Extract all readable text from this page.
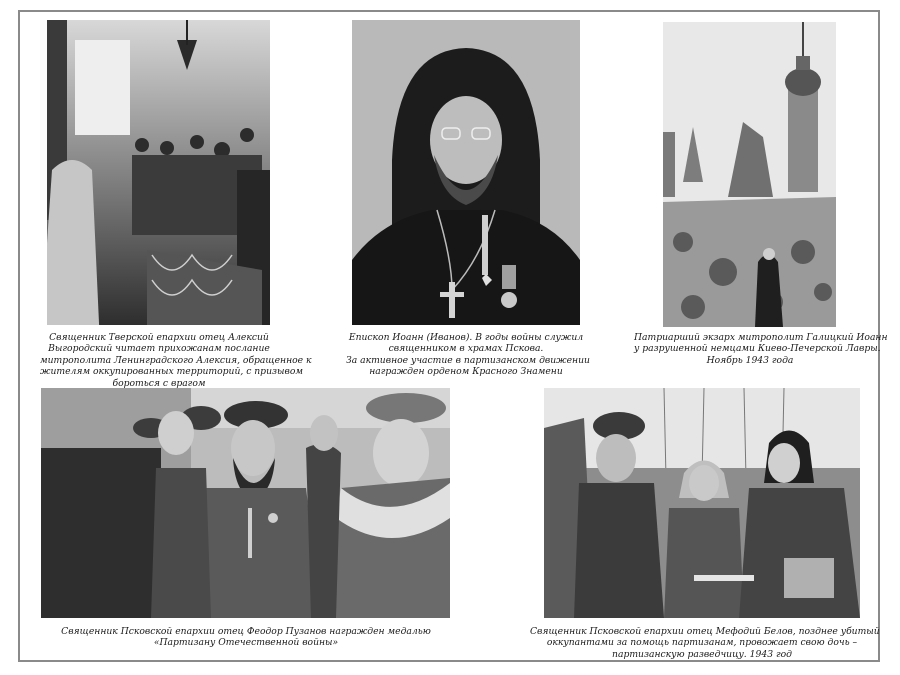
Священник Тверской епархии отец Алексий
Выгородский читает прихожанам послание
митрополита Ленинградского Алексия, обращенное к
жителям оккупированных территорий, с призывом
бороться с врагом
Епископ Иоанн (Иванов). В годы войны служил
священником в храмах Пскова.
За активное участие в партизанском движении
награжден орденом Красного Знамени
Патриарший экзарх митрополит Галицкий Иоанн
у разрушенной немцами Киево-Печерской Лавры.
Ноябрь 1943 года
Священник Псковской епархии отец Феодор Пузанов награжден медалью
«Партизану Отечественной войны»
Священник Псковской епархии отец Мефодий Белов, позднее убитый
оккупантами за помощь партизанам, провожает свою дочь –
партизанскую разведчицу. 1943 год
